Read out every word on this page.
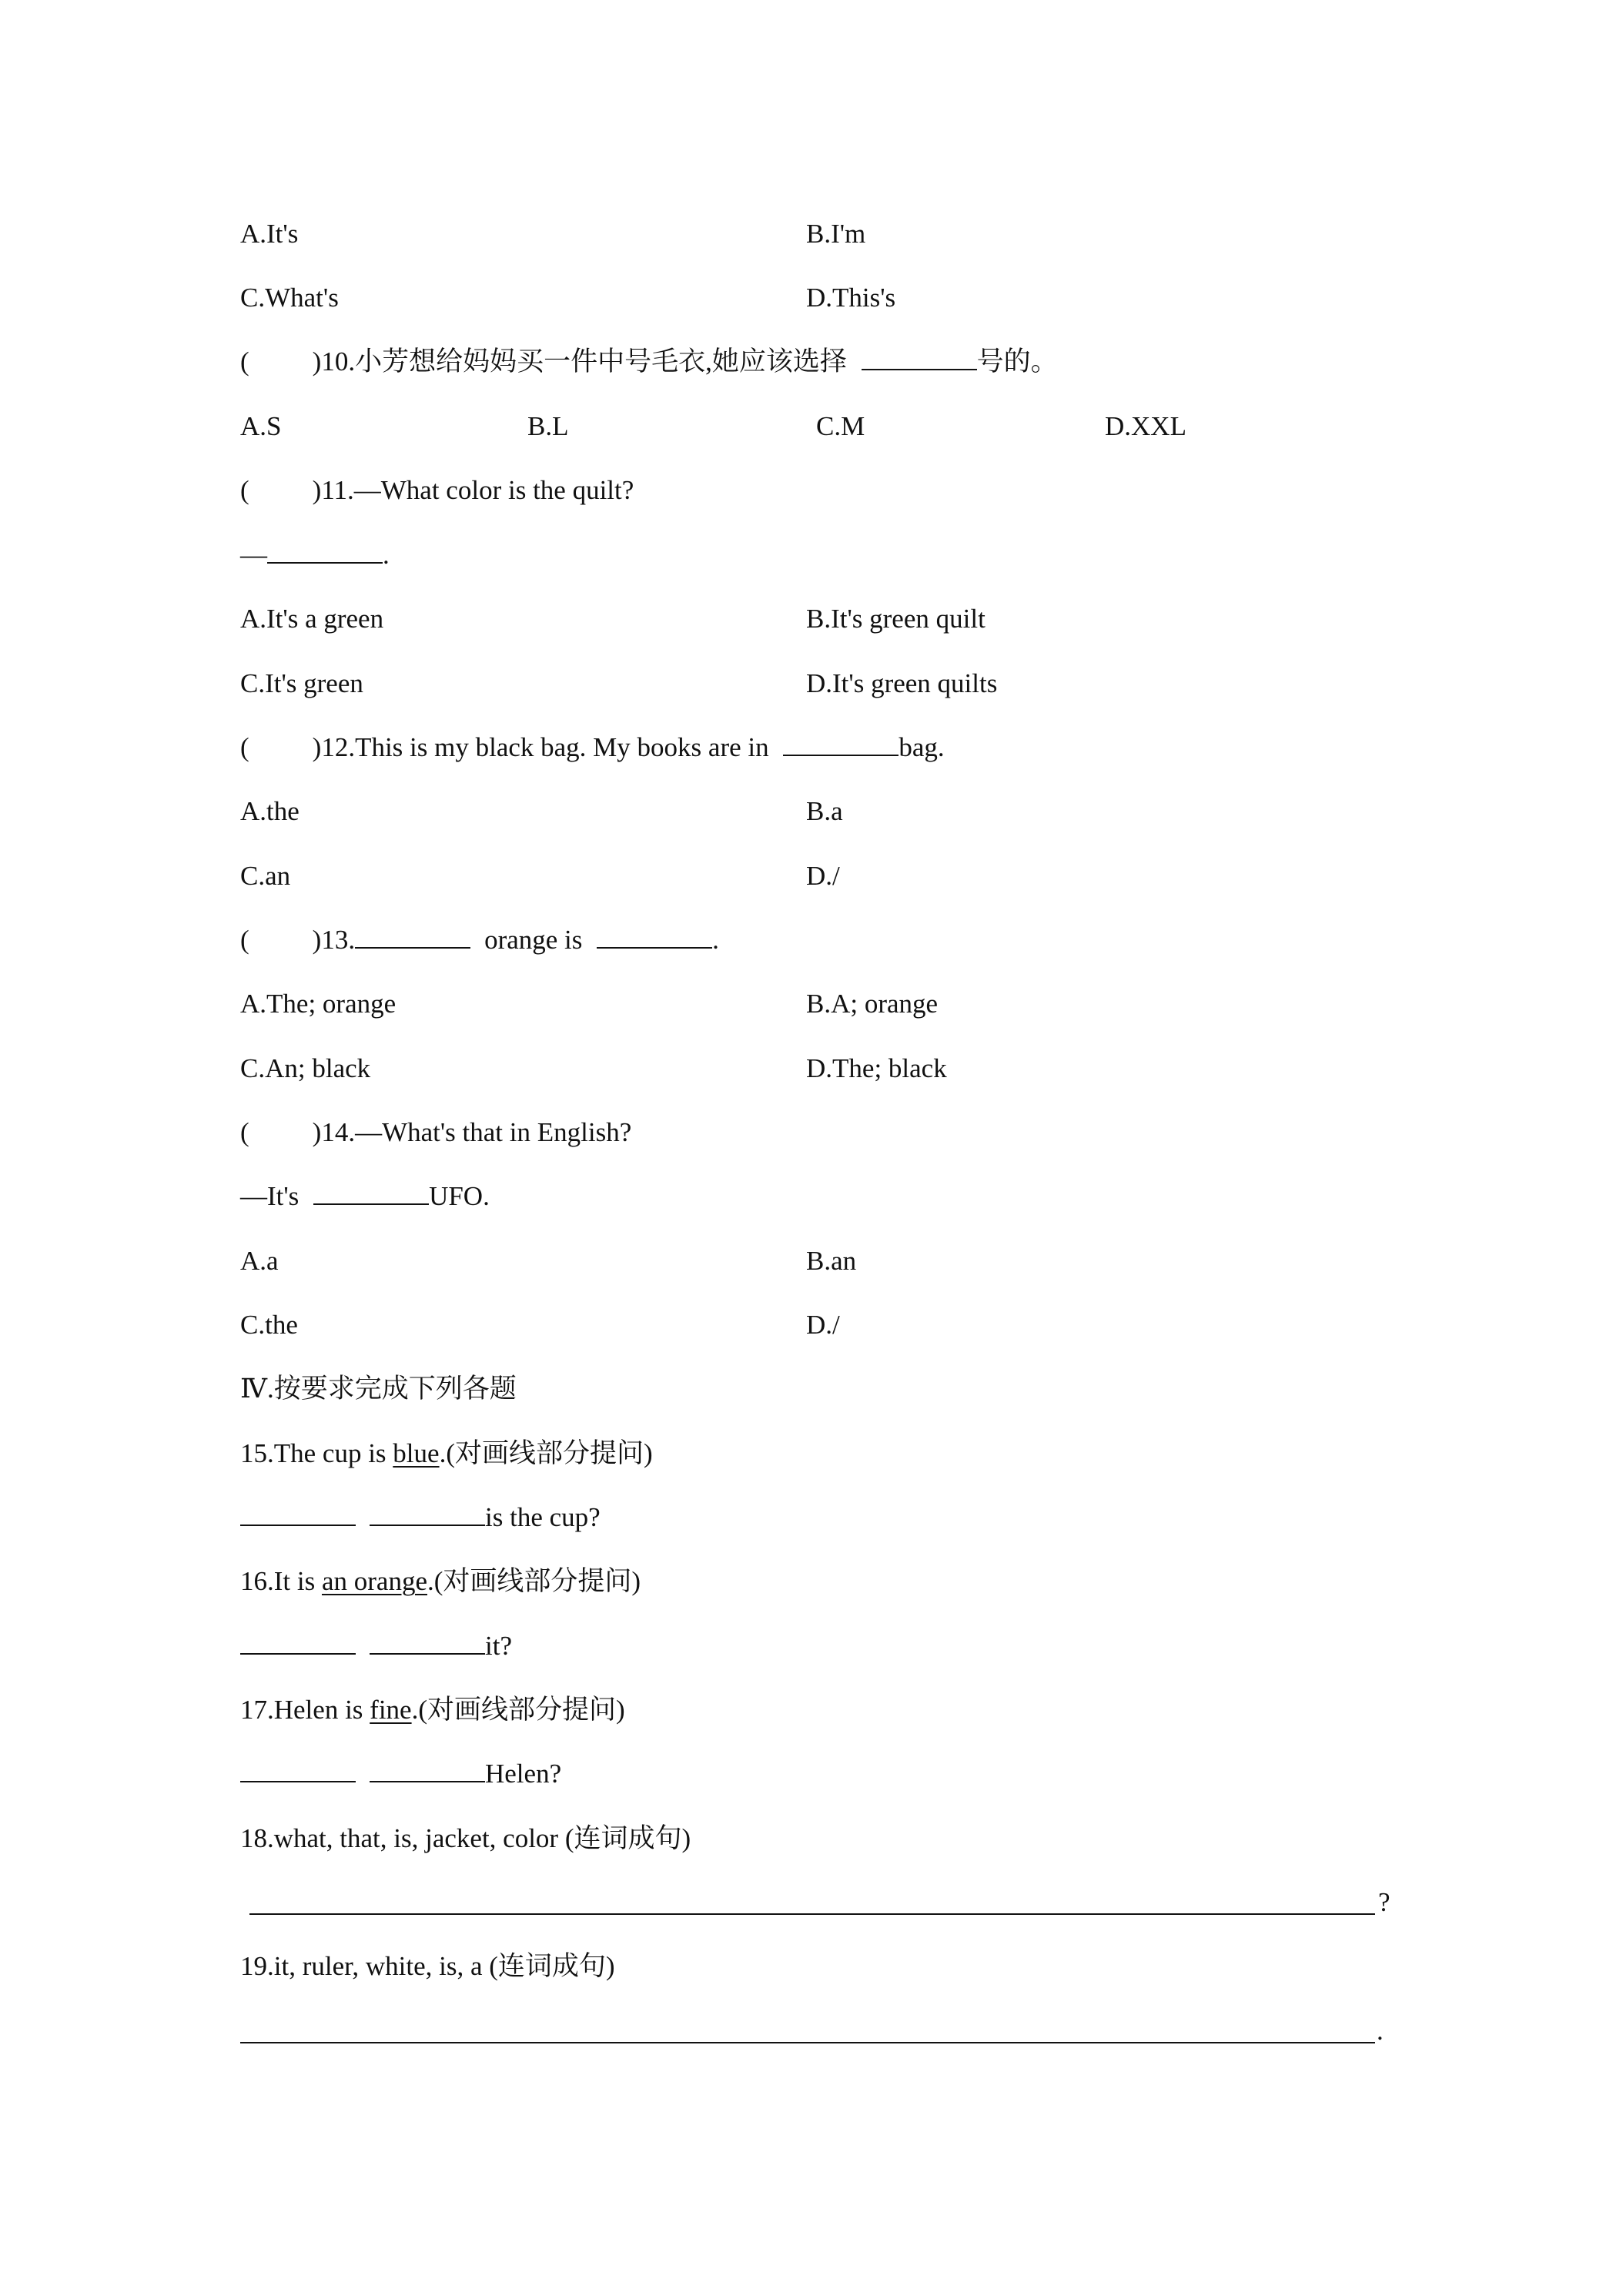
A.It's	B.I'm
C.What's	D.This's
( )10.小芳想给妈妈买一件中号毛衣,她应该选择	号的。
A.S	B.L	C.M	D.XXL
( )11.—What color is the quilt?
—	.
A.It's a green	B.It's green quilt
C.It's green	D.It's green quilts
( )12.This is my black bag. My books are in	bag.
A.the	B.a
C.an	D./
( )13.	orange is	.
A.The; orange	B.A; orange
C.An; black	D.The; black
( )14.—What's that in English?
—It's	UFO.
A.a	B.an
C.the	D./
Ⅳ.按要求完成下列各题
15.The cup is blue.(对画线部分提问)
is the cup?
16.It is an orange.(对画线部分提问)
it?
17.Helen is fine.(对画线部分提问)
Helen?
18.what, that, is, jacket, color (连词成句)
?
19.it, ruler, white, is, a (连词成句)
.
